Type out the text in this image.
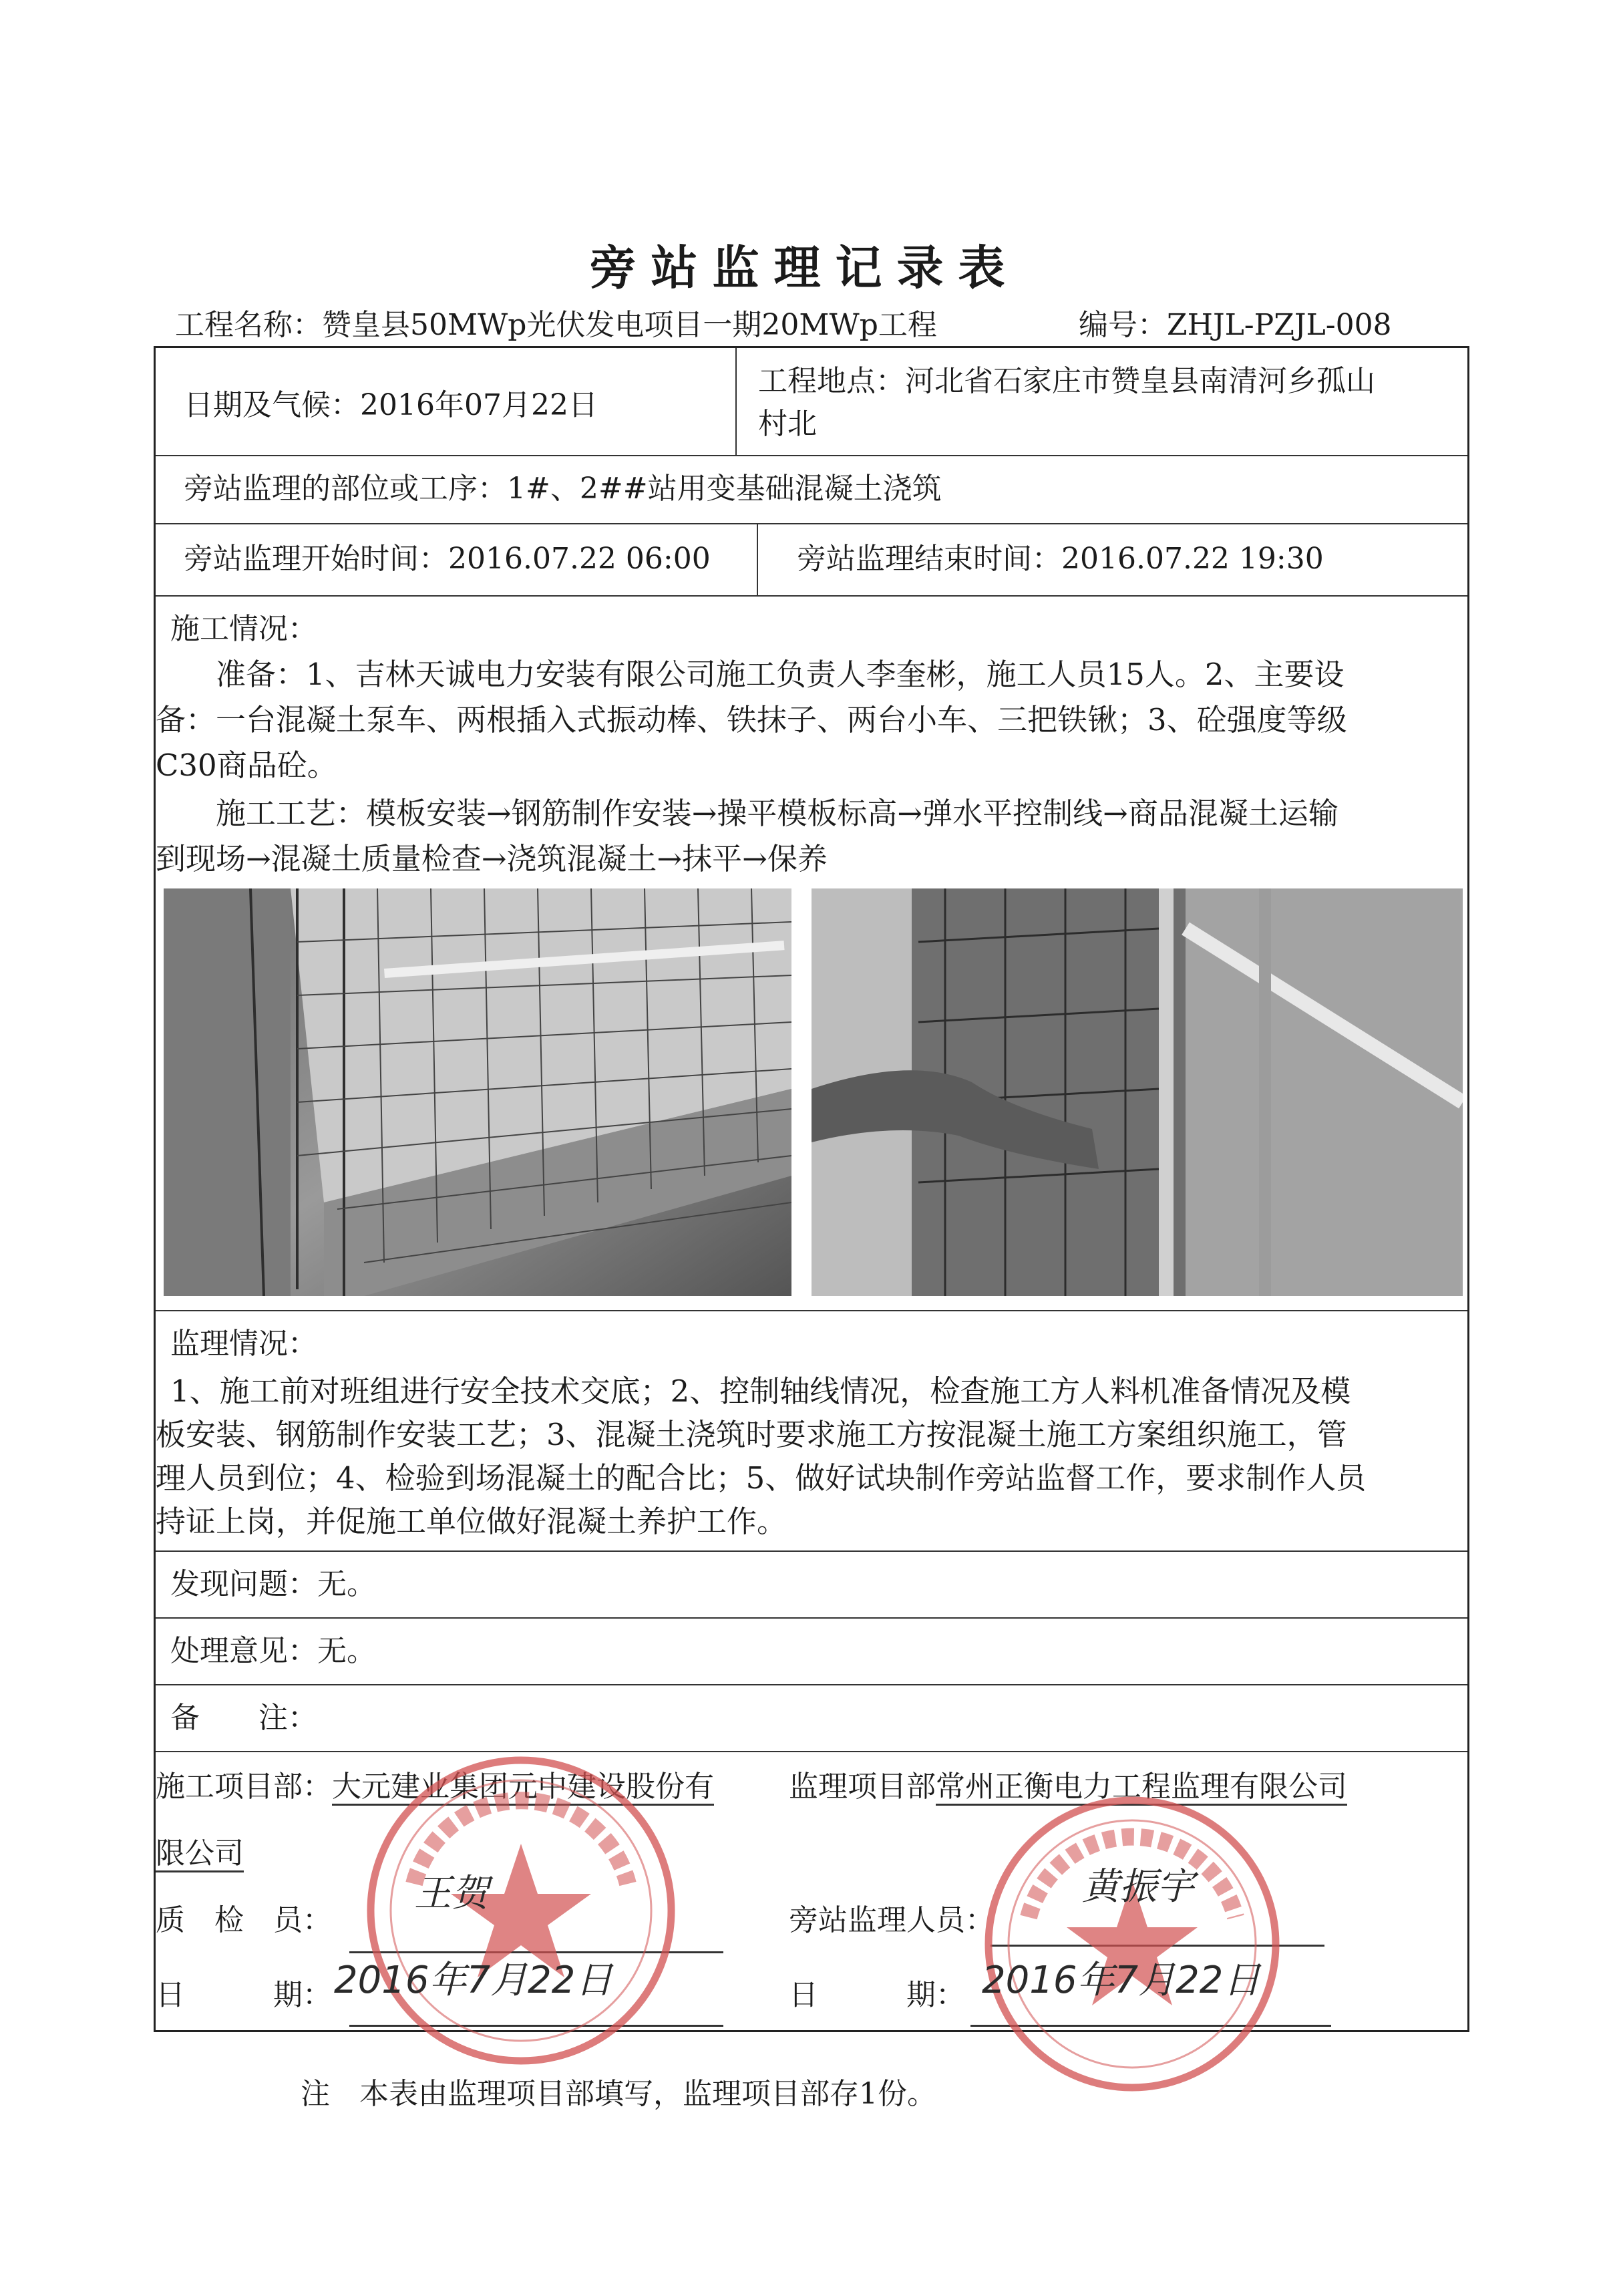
旁站监理记录表
工程名称：赞皇县50MWp光伏发电项目一期20MWp工程	编号：ZHJL-PZJL-008
日期及气候：2016年07月22日
工程地点：河北省石家庄市赞皇县南清河乡孤山
村北
旁站监理的部位或工序：1#、2##站用变基础混凝土浇筑
旁站监理开始时间：2016.07.22 06:00	旁站监理结束时间：2016.07.22 19:30
施工情况：
准备：1、吉林天诚电力安装有限公司施工负责人李奎彬，施工人员15人。2、主要设
备：一台混凝土泵车、两根插入式振动棒、铁抹子、两台小车、三把铁锹；3、砼强度等级
C30商品砼。
施工工艺：模板安装→钢筋制作安装→操平模板标高→弹水平控制线→商品混凝土运输
到现场→混凝土质量检查→浇筑混凝土→抹平→保养
监理情况：
1、施工前对班组进行安全技术交底；2、控制轴线情况，检查施工方人料机准备情况及模
板安装、钢筋制作安装工艺；3、混凝土浇筑时要求施工方按混凝土施工方案组织施工，管
理人员到位；4、检验到场混凝土的配合比；5、做好试块制作旁站监督工作，要求制作人员
持证上岗，并促施工单位做好混凝土养护工作。
发现问题：无。
处理意见：无。
备　　注：
施工项目部：大元建业集团元中建设股份有
限公司
质　检　员：
日　　　期：
监理项目部常州正衡电力工程监理有限公司
旁站监理人员：
日　　　期：
王贺
2016年7月22日
黄振宇
2016年7月22日
注　本表由监理项目部填写，监理项目部存1份。
